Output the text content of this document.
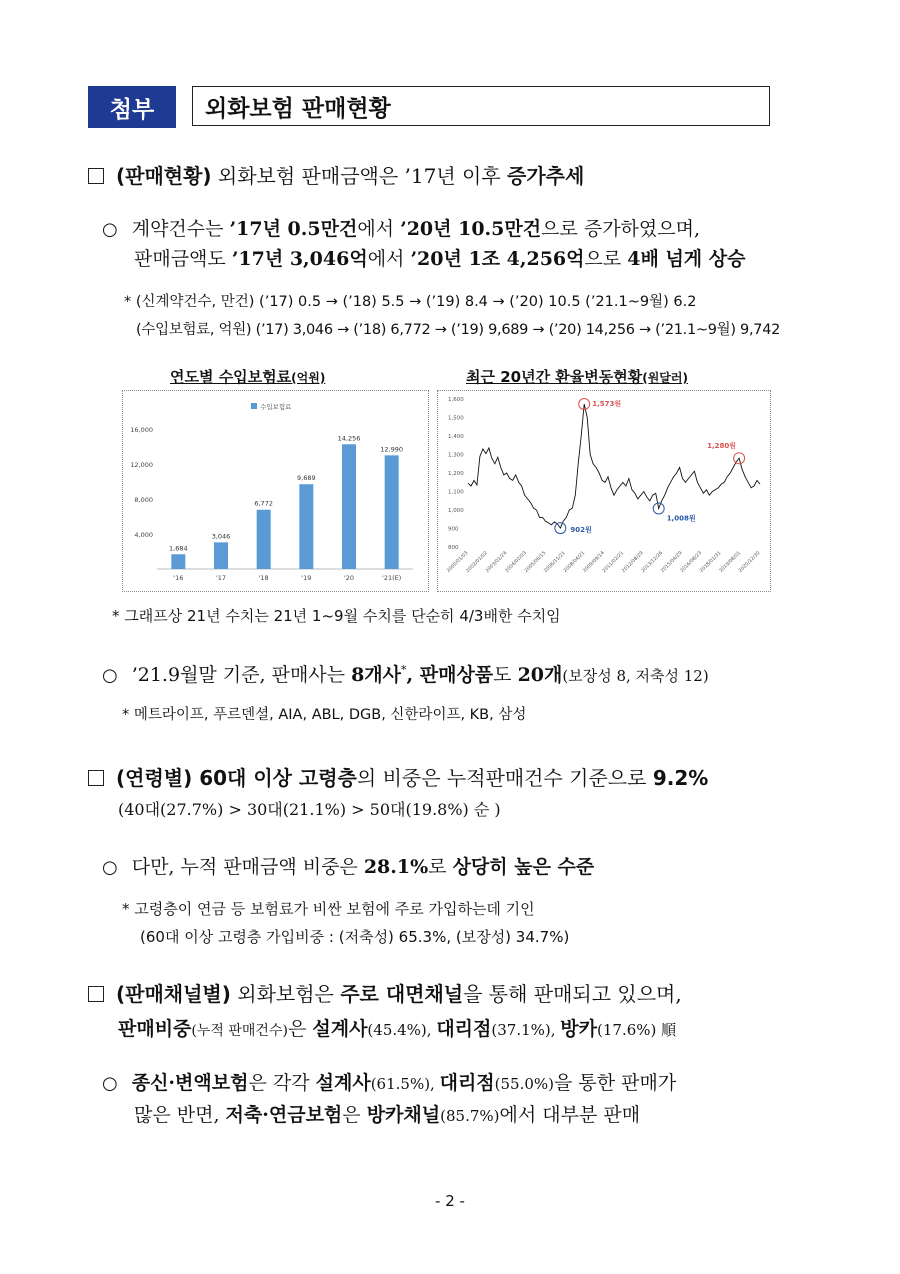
첨부	외화보험 판매현황
(판매현황) 외화보험 판매금액은 ’17년 이후 증가추세
○ 계약건수는 ’17년 0.5만건에서 ’20년 10.5만건으로 증가하였으며,
판매금액도 ’17년 3,046억에서 ’20년 1조 4,256억으로 4배 넘게 상승
* (신계약건수, 만건) (’17) 0.5 → (’18) 5.5 → (’19) 8.4 → (’20) 10.5 (’21.1~9월) 6.2
(수입보험료, 억원) (’17) 3,046 → (’18) 6,772 → (’19) 9,689 → (’20) 14,256 → (’21.1~9월) 9,742
연도별 수입보험료(억원)	최근 20년간 환율변동현황(원달러)
수입보험료
4,000
8,000
12,000
16,000
1,684
'16
3,046
'17
6,772
'18
9,689
'19
14,256
'20
12,990
'21(E)
800
900
1,000
1,100
1,200
1,300
1,400
1,500
1,600
2000/01/03
2002/01/02
2003/01/24
2004/02/03
2005/06/15
2006/11/21
2008/04/21
2009/09/14
2011/02/21
2012/08/29
2013/12/26
2015/04/29
2016/08/23
2018/01/31
2019/08/01
2020/12/30
1,573원
1,280원
902원
1,008원
* 그래프상 21년 수치는 21년 1~9월 수치를 단순히 4/3배한 수치임
○ ’21.9월말 기준, 판매사는 8개사*, 판매상품도 20개(보장성 8, 저축성 12)
* 메트라이프, 푸르덴셜, AIA, ABL, DGB, 신한라이프, KB, 삼성
(연령별) 60대 이상 고령층의 비중은 누적판매건수 기준으로 9.2%
(40대(27.7%) > 30대(21.1%) > 50대(19.8%) 순 )
○ 다만, 누적 판매금액 비중은 28.1%로 상당히 높은 수준
* 고령층이 연금 등 보험료가 비싼 보험에 주로 가입하는데 기인
(60대 이상 고령층 가입비중 : (저축성) 65.3%, (보장성) 34.7%)
(판매채널별) 외화보험은 주로 대면채널을 통해 판매되고 있으며,
판매비중(누적 판매건수)은 설계사(45.4%), 대리점(37.1%), 방카(17.6%) 順
○ 종신·변액보험은 각각 설계사(61.5%), 대리점(55.0%)을 통한 판매가
많은 반면, 저축·연금보험은 방카채널(85.7%)에서 대부분 판매
- 2 -
